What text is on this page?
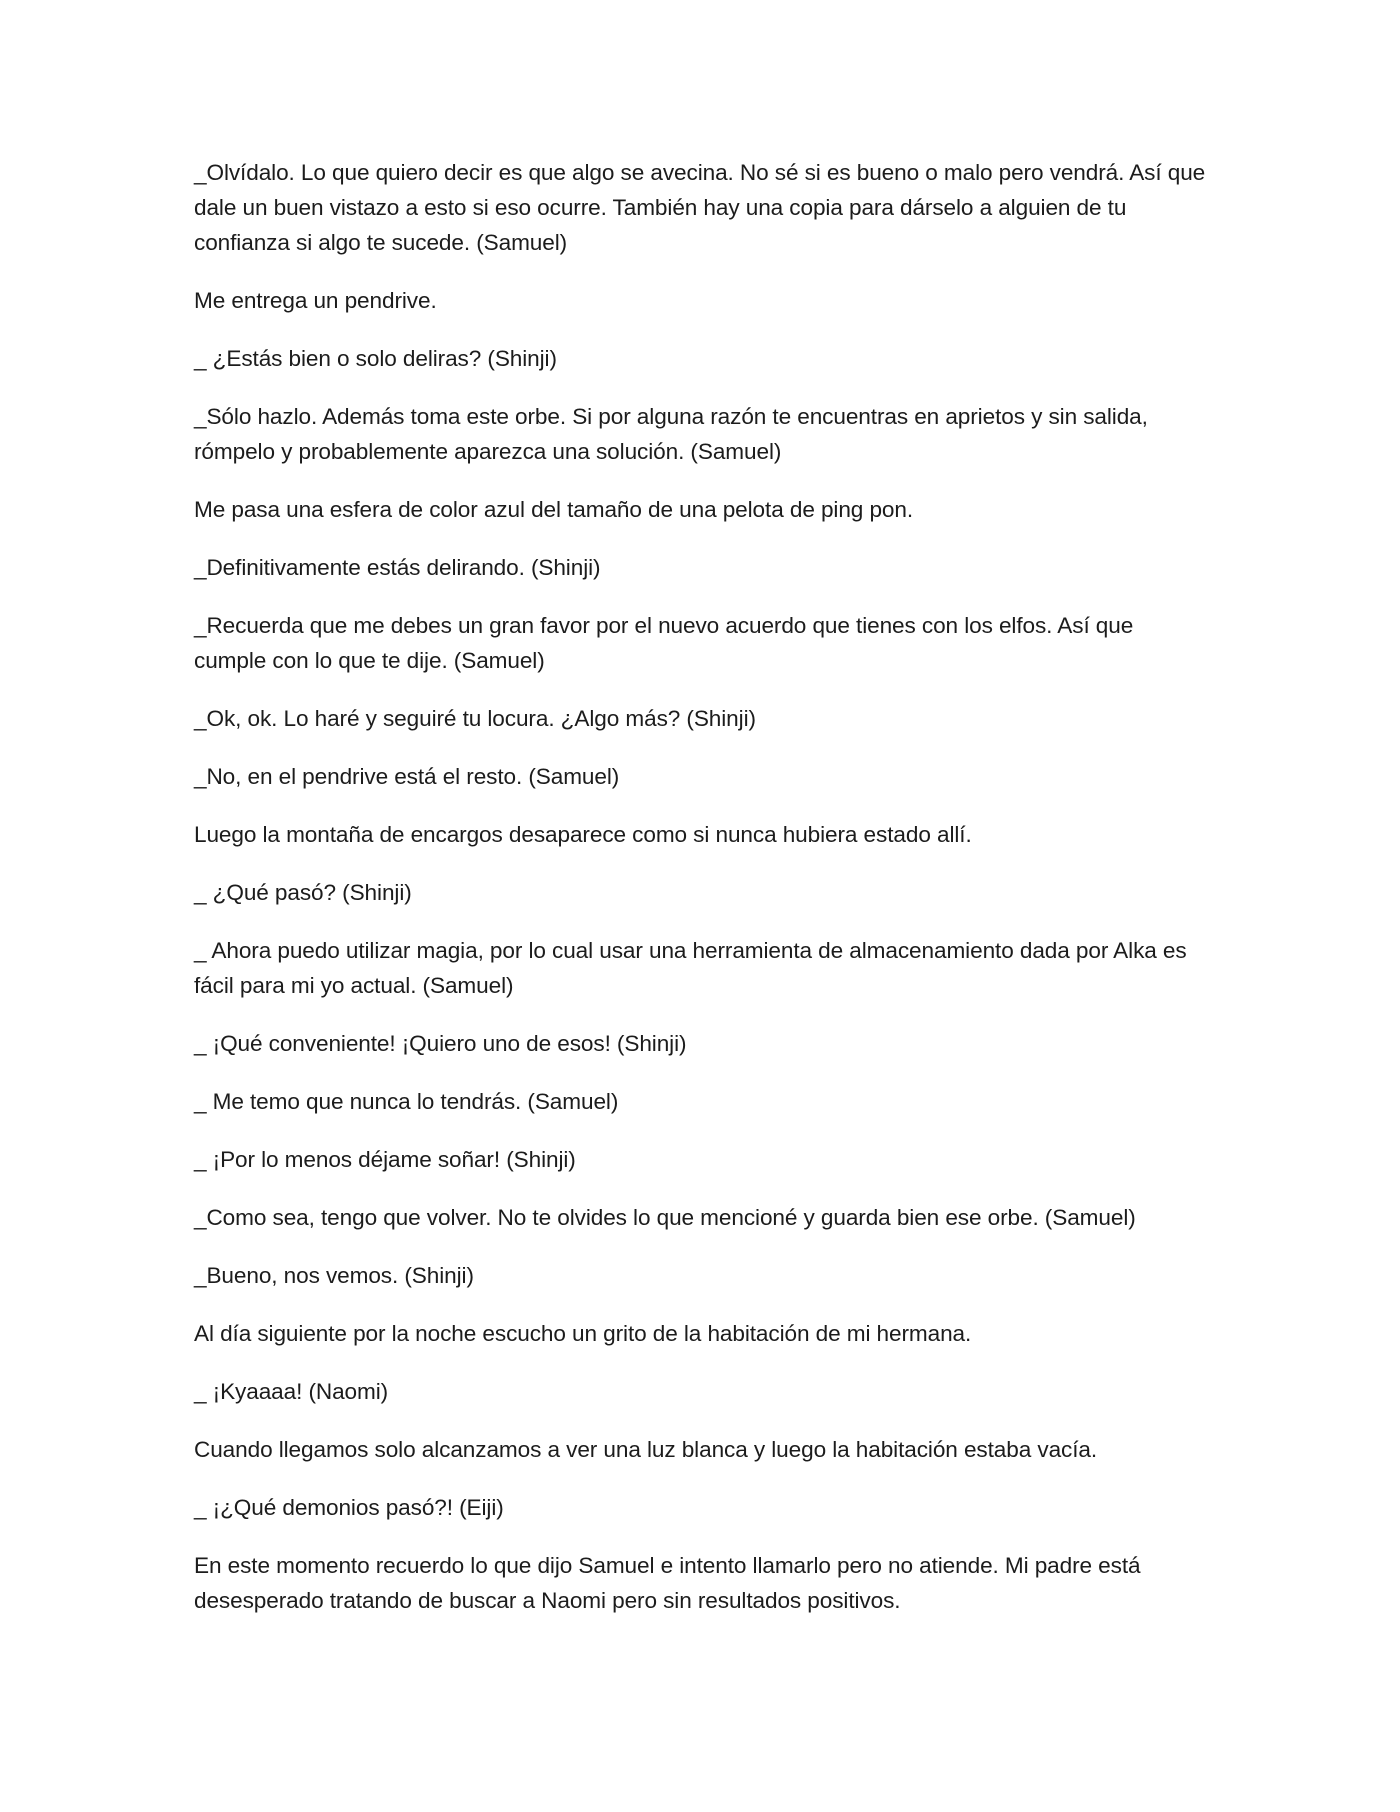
_Olvídalo. Lo que quiero decir es que algo se avecina. No sé si es bueno o malo pero vendrá. Así que dale un buen vistazo a esto si eso ocurre. También hay una copia para dárselo a alguien de tu confianza si algo te sucede. (Samuel)

Me entrega un pendrive.

_ ¿Estás bien o solo deliras? (Shinji)

_Sólo hazlo. Además toma este orbe. Si por alguna razón te encuentras en aprietos y sin salida, rómpelo y probablemente aparezca una solución. (Samuel)

Me pasa una esfera de color azul del tamaño de una pelota de ping pon.

_Definitivamente estás delirando. (Shinji)

_Recuerda que me debes un gran favor por el nuevo acuerdo que tienes con los elfos. Así que cumple con lo que te dije. (Samuel)

_Ok, ok. Lo haré y seguiré tu locura. ¿Algo más? (Shinji)

_No, en el pendrive está el resto. (Samuel)

Luego la montaña de encargos desaparece como si nunca hubiera estado allí.

_ ¿Qué pasó? (Shinji)

_ Ahora puedo utilizar magia, por lo cual usar una herramienta de almacenamiento dada por Alka es fácil para mi yo actual. (Samuel)

_ ¡Qué conveniente! ¡Quiero uno de esos! (Shinji)

_ Me temo que nunca lo tendrás. (Samuel)

_ ¡Por lo menos déjame soñar! (Shinji)

_Como sea, tengo que volver. No te olvides lo que mencioné y guarda bien ese orbe. (Samuel)

_Bueno, nos vemos. (Shinji)

Al día siguiente por la noche escucho un grito de la habitación de mi hermana.

_ ¡Kyaaaa! (Naomi)

Cuando llegamos solo alcanzamos a ver una luz blanca y luego la habitación estaba vacía.

_ ¡¿Qué demonios pasó?! (Eiji)

En este momento recuerdo lo que dijo Samuel e intento llamarlo pero no atiende. Mi padre está desesperado tratando de buscar a Naomi pero sin resultados positivos.
